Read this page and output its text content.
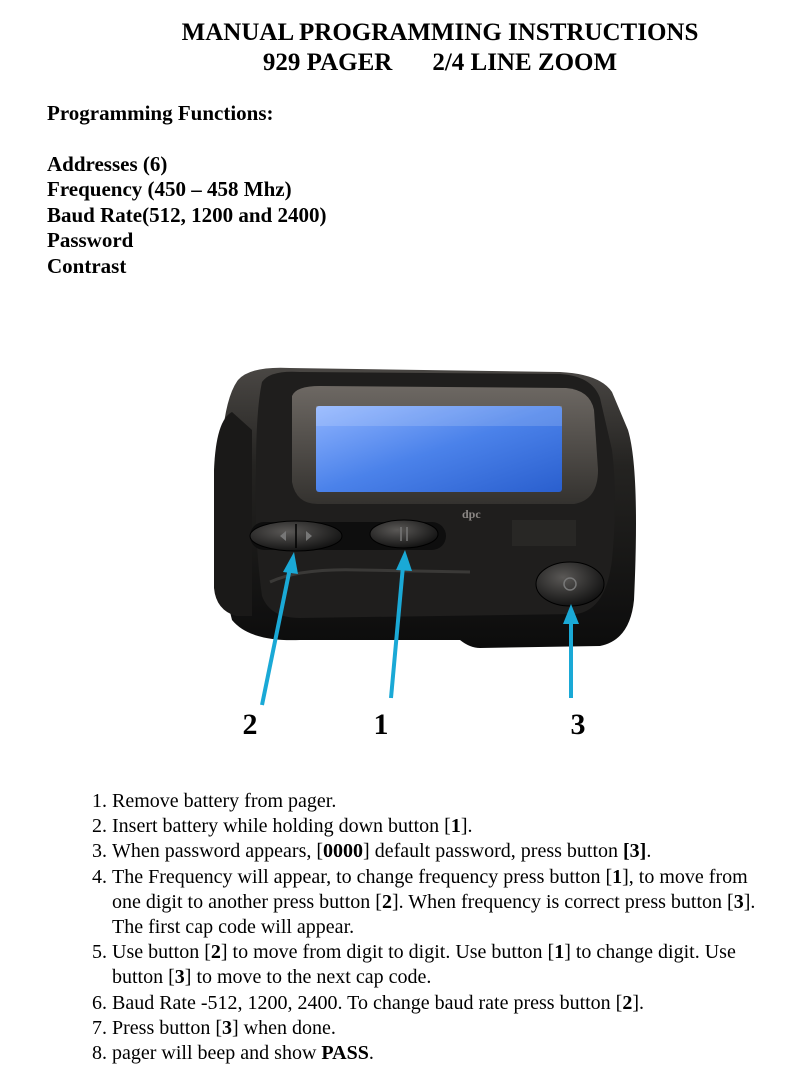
MANUAL PROGRAMMING INSTRUCTIONS
929 PAGER 2/4 LINE ZOOM
Programming Functions:
Addresses (6)
Frequency (450 – 458 Mhz)
Baud Rate(512, 1200 and 2400)
Password
Contrast
dpc
2	1	3
1. Remove battery from pager.
2. Insert battery while holding down button [1].
3. When password appears, [0000] default password, press button [3].
4. The Frequency will appear, to change frequency press button [1], to move from one digit to another press button [2]. When frequency is correct press button [3]. The first cap code will appear.
5. Use button [2] to move from digit to digit. Use button [1] to change digit. Use button [3] to move to the next cap code.
6. Baud Rate -512, 1200, 2400. To change baud rate press button [2].
7. Press button [3] when done.
8. pager will beep and show PASS.
